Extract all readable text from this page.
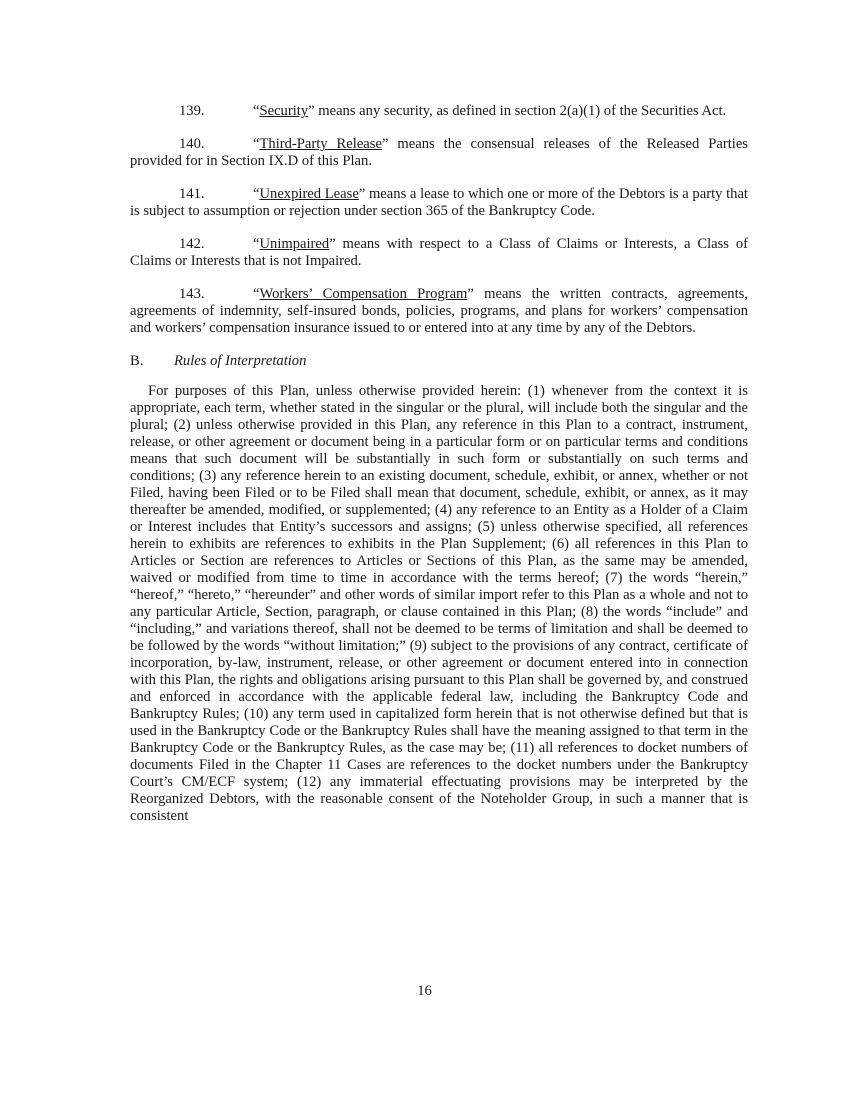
139.	“Security” means any security, as defined in section 2(a)(1) of the Securities Act.

140.	“Third-Party Release” means the consensual releases of the Released Parties provided for in Section IX.D of this Plan.

141.	“Unexpired Lease” means a lease to which one or more of the Debtors is a party that is subject to assumption or rejection under section 365 of the Bankruptcy Code.

142.	“Unimpaired” means with respect to a Class of Claims or Interests, a Class of Claims or Interests that is not Impaired.

143.	“Workers’ Compensation Program” means the written contracts, agreements, agreements of indemnity, self-insured bonds, policies, programs, and plans for workers’ compensation and workers’ compensation insurance issued to or entered into at any time by any of the Debtors.

B. Rules of Interpretation

For purposes of this Plan, unless otherwise provided herein: (1) whenever from the context it is appropriate, each term, whether stated in the singular or the plural, will include both the singular and the plural; (2) unless otherwise provided in this Plan, any reference in this Plan to a contract, instrument, release, or other agreement or document being in a particular form or on particular terms and conditions means that such document will be substantially in such form or substantially on such terms and conditions; (3) any reference herein to an existing document, schedule, exhibit, or annex, whether or not Filed, having been Filed or to be Filed shall mean that document, schedule, exhibit, or annex, as it may thereafter be amended, modified, or supplemented; (4) any reference to an Entity as a Holder of a Claim or Interest includes that Entity’s successors and assigns; (5) unless otherwise specified, all references herein to exhibits are references to exhibits in the Plan Supplement; (6) all references in this Plan to Articles or Section are references to Articles or Sections of this Plan, as the same may be amended, waived or modified from time to time in accordance with the terms hereof; (7) the words “herein,” “hereof,” “hereto,” “hereunder” and other words of similar import refer to this Plan as a whole and not to any particular Article, Section, paragraph, or clause contained in this Plan; (8) the words “include” and “including,” and variations thereof, shall not be deemed to be terms of limitation and shall be deemed to be followed by the words “without limitation;” (9) subject to the provisions of any contract, certificate of incorporation, by-law, instrument, release, or other agreement or document entered into in connection with this Plan, the rights and obligations arising pursuant to this Plan shall be governed by, and construed and enforced in accordance with the applicable federal law, including the Bankruptcy Code and Bankruptcy Rules; (10) any term used in capitalized form herein that is not otherwise defined but that is used in the Bankruptcy Code or the Bankruptcy Rules shall have the meaning assigned to that term in the Bankruptcy Code or the Bankruptcy Rules, as the case may be; (11) all references to docket numbers of documents Filed in the Chapter 11 Cases are references to the docket numbers under the Bankruptcy Court’s CM/ECF system; (12) any immaterial effectuating provisions may be interpreted by the Reorganized Debtors, with the reasonable consent of the Noteholder Group, in such a manner that is consistent

16
